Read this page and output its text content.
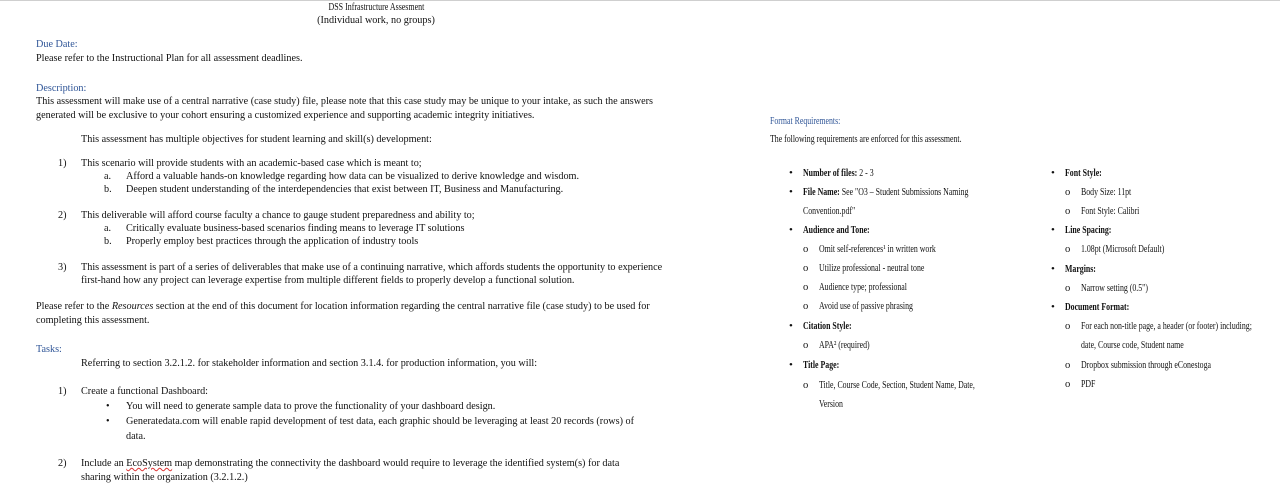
DSS Infrastructure Assesment
(Individual work, no groups)
Due Date:
Please refer to the Instructional Plan for all assessment deadlines.
Description:
This assessment will make use of a central narrative (case study) file, please note that this case study may be unique to your intake, as such the answers
generated will be exclusive to your cohort ensuring a customized experience and supporting academic integrity initiatives.
This assessment has multiple objectives for student learning and skill(s) development:
1) This scenario will provide students with an academic-based case which is meant to;
a. Afford a valuable hands-on knowledge regarding how data can be visualized to derive knowledge and wisdom.
b. Deepen student understanding of the interdependencies that exist between IT, Business and Manufacturing.
2) This deliverable will afford course faculty a chance to gauge student preparedness and ability to;
a. Critically evaluate business-based scenarios finding means to leverage IT solutions
b. Properly employ best practices through the application of industry tools
3) This assessment is part of a series of deliverables that make use of a continuing narrative, which affords students the opportunity to experience
first-hand how any project can leverage expertise from multiple different fields to properly develop a functional solution.
Please refer to the Resources section at the end of this document for location information regarding the central narrative file (case study) to be used for
completing this assessment.
Tasks:
Referring to section 3.2.1.2. for stakeholder information and section 3.1.4. for production information, you will:
1) Create a functional Dashboard:
• You will need to generate sample data to prove the functionality of your dashboard design.
• Generatedata.com will enable rapid development of test data, each graphic should be leveraging at least 20 records (rows) of
data.
2) Include an EcoSystem map demonstrating the connectivity the dashboard would require to leverage the identified system(s) for data
sharing within the organization (3.2.1.2.)
Format Requirements:
The following requirements are enforced for this assessment.
• Number of files: 2 - 3
• File Name: See "O3 – Student Submissions Naming
Convention.pdf"
• Audience and Tone:
o Omit self-references¹ in written work
o Utilize professional - neutral tone
o Audience type; professional
o Avoid use of passive phrasing
• Citation Style:
o APA² (required)
• Title Page:
o Title, Course Code, Section, Student Name, Date,
Version
• Font Style:
o Body Size: 11pt
o Font Style: Calibri
• Line Spacing:
o 1.08pt (Microsoft Default)
• Margins:
o Narrow setting (0.5")
• Document Format:
o For each non-title page, a header (or footer) including;
date, Course code, Student name
o Dropbox submission through eConestoga
o PDF
